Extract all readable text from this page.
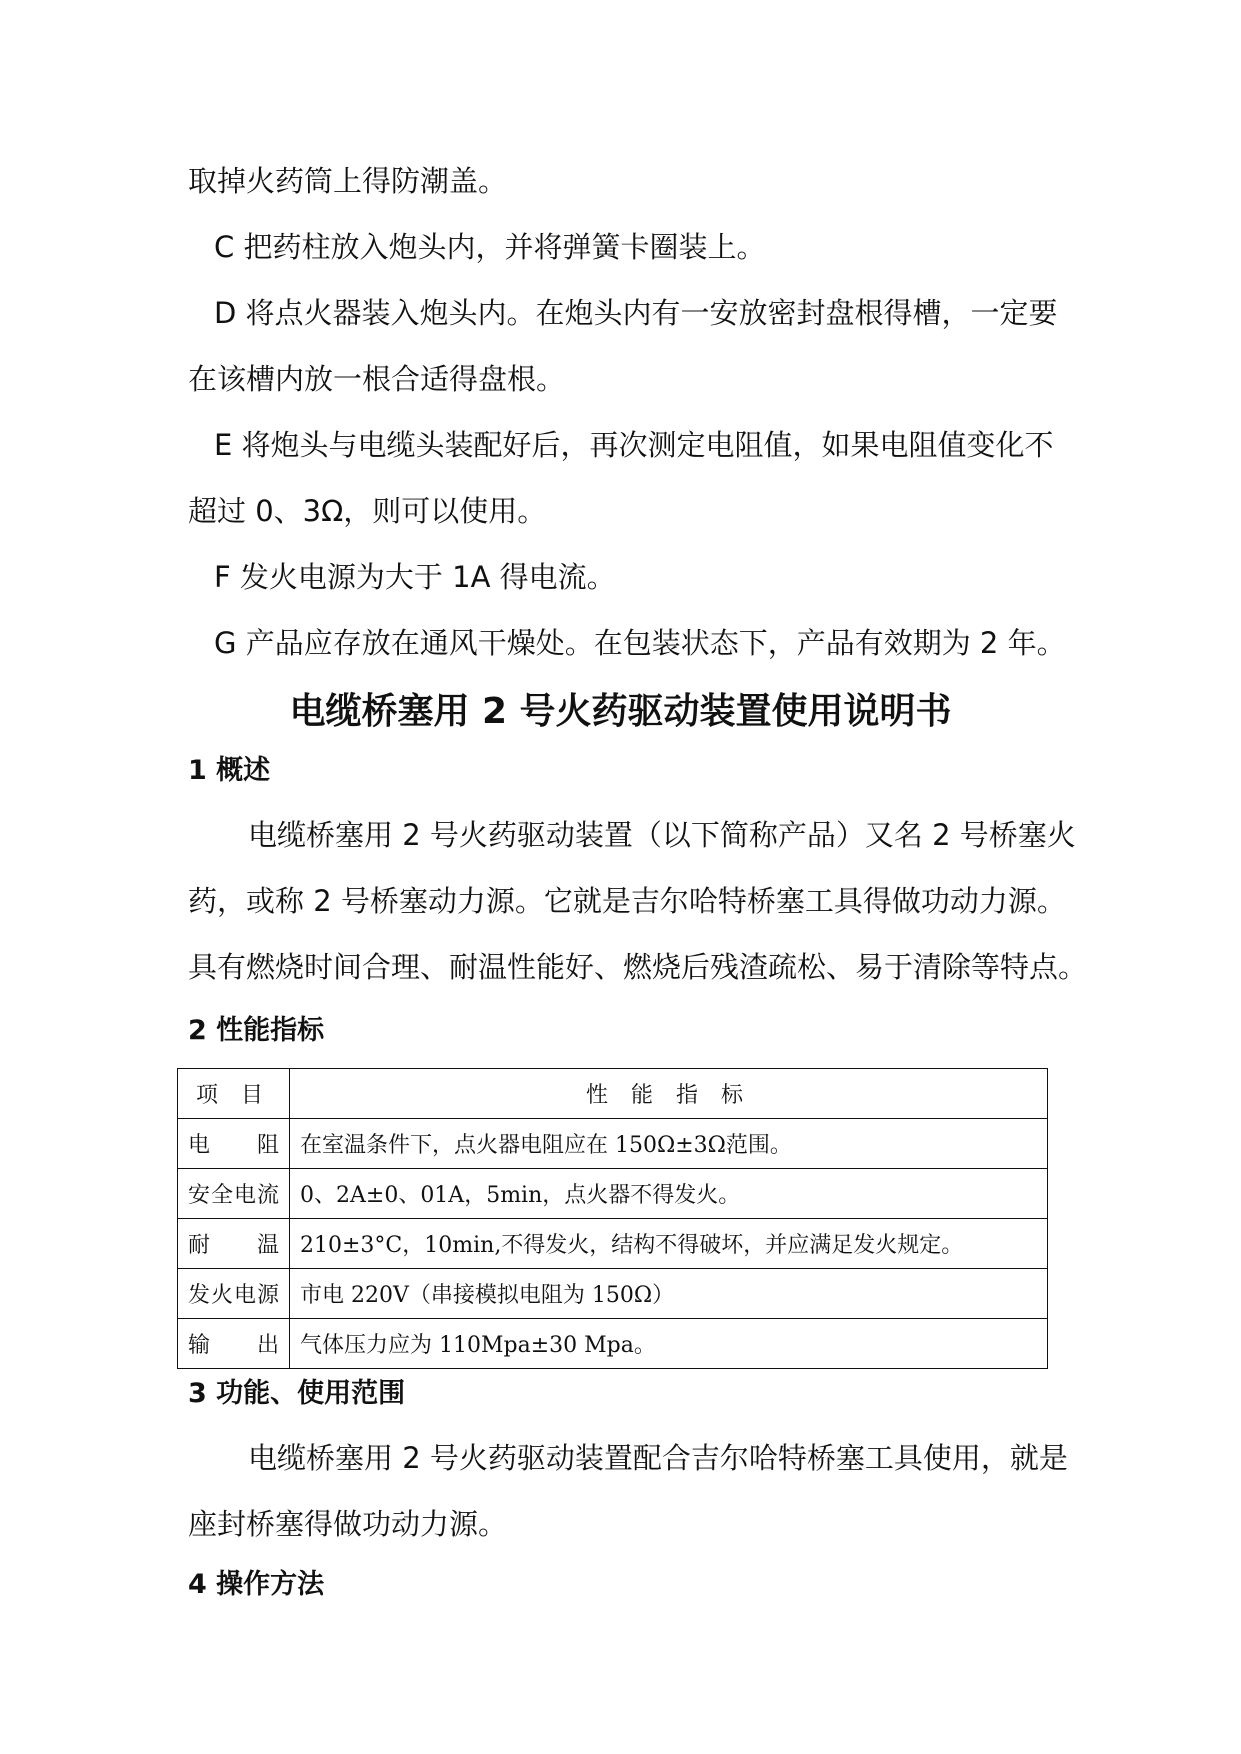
取掉火药筒上得防潮盖。
C 把药柱放入炮头内，并将弹簧卡圈装上。
D 将点火器装入炮头内。在炮头内有一安放密封盘根得槽，一定要
在该槽内放一根合适得盘根。
E 将炮头与电缆头装配好后，再次测定电阻值，如果电阻值变化不
超过 0、3Ω，则可以使用。
F 发火电源为大于 1A 得电流。
G 产品应存放在通风干燥处。在包装状态下，产品有效期为 2 年。
电缆桥塞用 2 号火药驱动装置使用说明书
1 概述
电缆桥塞用 2 号火药驱动装置（以下简称产品）又名 2 号桥塞火
药，或称 2 号桥塞动力源。它就是吉尔哈特桥塞工具得做功动力源。
具有燃烧时间合理、耐温性能好、燃烧后残渣疏松、易于清除等特点。
2 性能指标
项 目	性 能 指 标
电阻	在室温条件下，点火器电阻应在 150Ω±3Ω范围。
安全电流	0、2A±0、01A，5min，点火器不得发火。
耐温	210±3°C，10min,不得发火，结构不得破坏，并应满足发火规定。
发火电源	市电 220V（串接模拟电阻为 150Ω）
输出	气体压力应为 110Mpa±30 Mpa。
3 功能、使用范围
电缆桥塞用 2 号火药驱动装置配合吉尔哈特桥塞工具使用，就是
座封桥塞得做功动力源。
4 操作方法
